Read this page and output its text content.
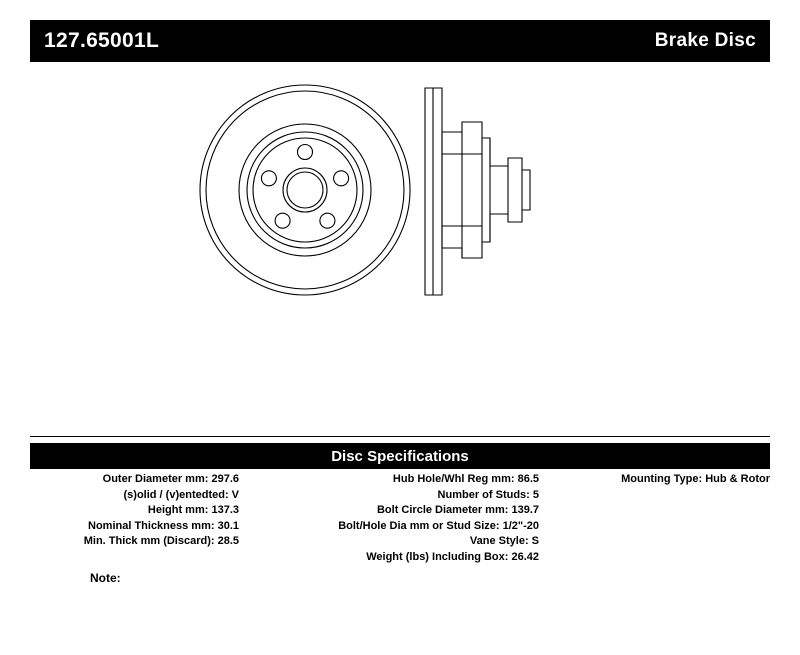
127.65001L	Brake Disc
Disc Specifications
Outer Diameter mm: 297.6
(s)olid / (v)entedted: V
Height mm: 137.3
Nominal Thickness mm: 30.1
Min. Thick mm (Discard): 28.5
Hub Hole/Whl Reg mm: 86.5
Number of Studs: 5
Bolt Circle Diameter mm: 139.7
Bolt/Hole Dia mm or Stud Size: 1/2"-20
Vane Style: S
Weight (lbs) Including Box: 26.42
Mounting Type: Hub & Rotor
Note:
